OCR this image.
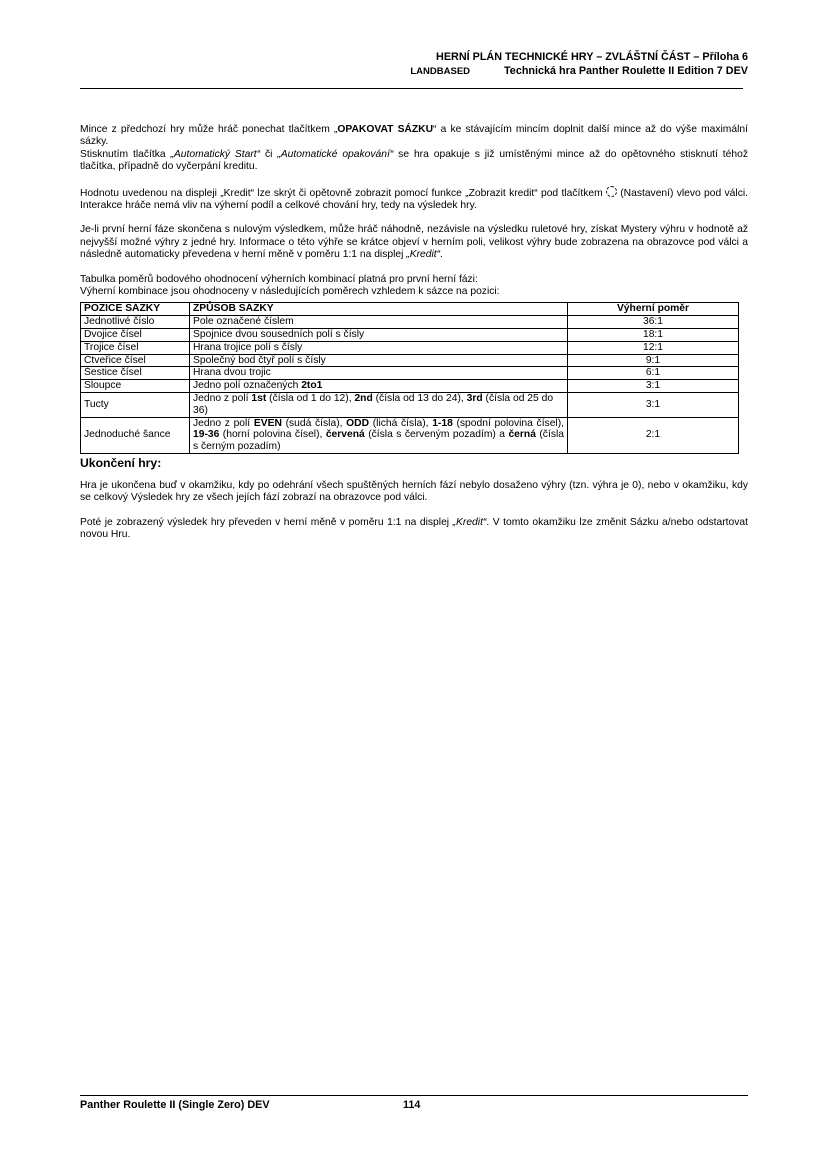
HERNÍ PLÁN TECHNICKÉ HRY – ZVLÁŠTNÍ ČÁST – Příloha 6
LANDBASED	Technická hra Panther Roulette II Edition 7 DEV

Mince z předchozí hry může hráč ponechat tlačítkem „OPAKOVAT SÁZKU“ a ke stávajícím mincím doplnit další mince až do výše maximální sázky.

Stisknutím tlačítka „Automatický Start“ či „Automatické opakování“ se hra opakuje s již umístěnými mince až do opětovného stisknutí téhož tlačítka, případně do vyčerpání kreditu.

Hodnotu uvedenou na displeji „Kredit“ lze skrýt či opětovně zobrazit pomocí funkce „Zobrazit kredit“ pod tlačítkem  (Nastavení) vlevo pod válci. Interakce hráče nemá vliv na výherní podíl a celkové chování hry, tedy na výsledek hry.

Je-li první herní fáze skončena s nulovým výsledkem, může hráč náhodně, nezávisle na výsledku ruletové hry, získat Mystery výhru v hodnotě až nejvyšší možné výhry z jedné hry. Informace o této výhře se krátce objeví v herním poli, velikost výhry bude zobrazena na obrazovce pod válci a následně automaticky převedena v herní měně v poměru 1:1 na displej „Kredit“.

Tabulka poměrů bodového ohodnocení výherních kombinací platná pro první herní fázi:

Výherní kombinace jsou ohodnoceny v následujících poměrech vzhledem k sázce na pozici:

POZICE SÁZKY	ZPŮSOB SÁZKY	Výherní poměr
Jednotlivé číslo	Pole označené číslem	36:1
Dvojice čísel	Spojnice dvou sousedních polí s čísly	18:1
Trojice čísel	Hrana trojice polí s čísly	12:1
Čtveřice čísel	Společný bod čtyř polí s čísly	9:1
Šestice čísel	Hrana dvou trojic	6:1
Sloupce	Jedno polí označených 2to1	3:1
Tucty	Jedno z polí 1st (čísla od 1 do 12), 2nd (čísla od 13 do 24), 3rd (čísla od 25 do 36)	3:1
Jednoduché šance	Jedno z polí EVEN (sudá čísla), ODD (lichá čísla), 1-18 (spodní polovina čísel), 19-36 (horní polovina čísel), červená (čísla s červeným pozadím) a černá (čísla s černým pozadím)	2:1
Ukončení hry:

Hra je ukončena buď v okamžiku, kdy po odehrání všech spuštěných herních fází nebylo dosaženo výhry (tzn. výhra je 0), nebo v okamžiku, kdy se celkový Výsledek hry ze všech jejích fází zobrazí na obrazovce pod válci.

Poté je zobrazený výsledek hry převeden v herní měně v poměru 1:1 na displej „Kredit“. V tomto okamžiku lze změnit Sázku a/nebo odstartovat novou Hru.

Panther Roulette II (Single Zero) DEV	114
